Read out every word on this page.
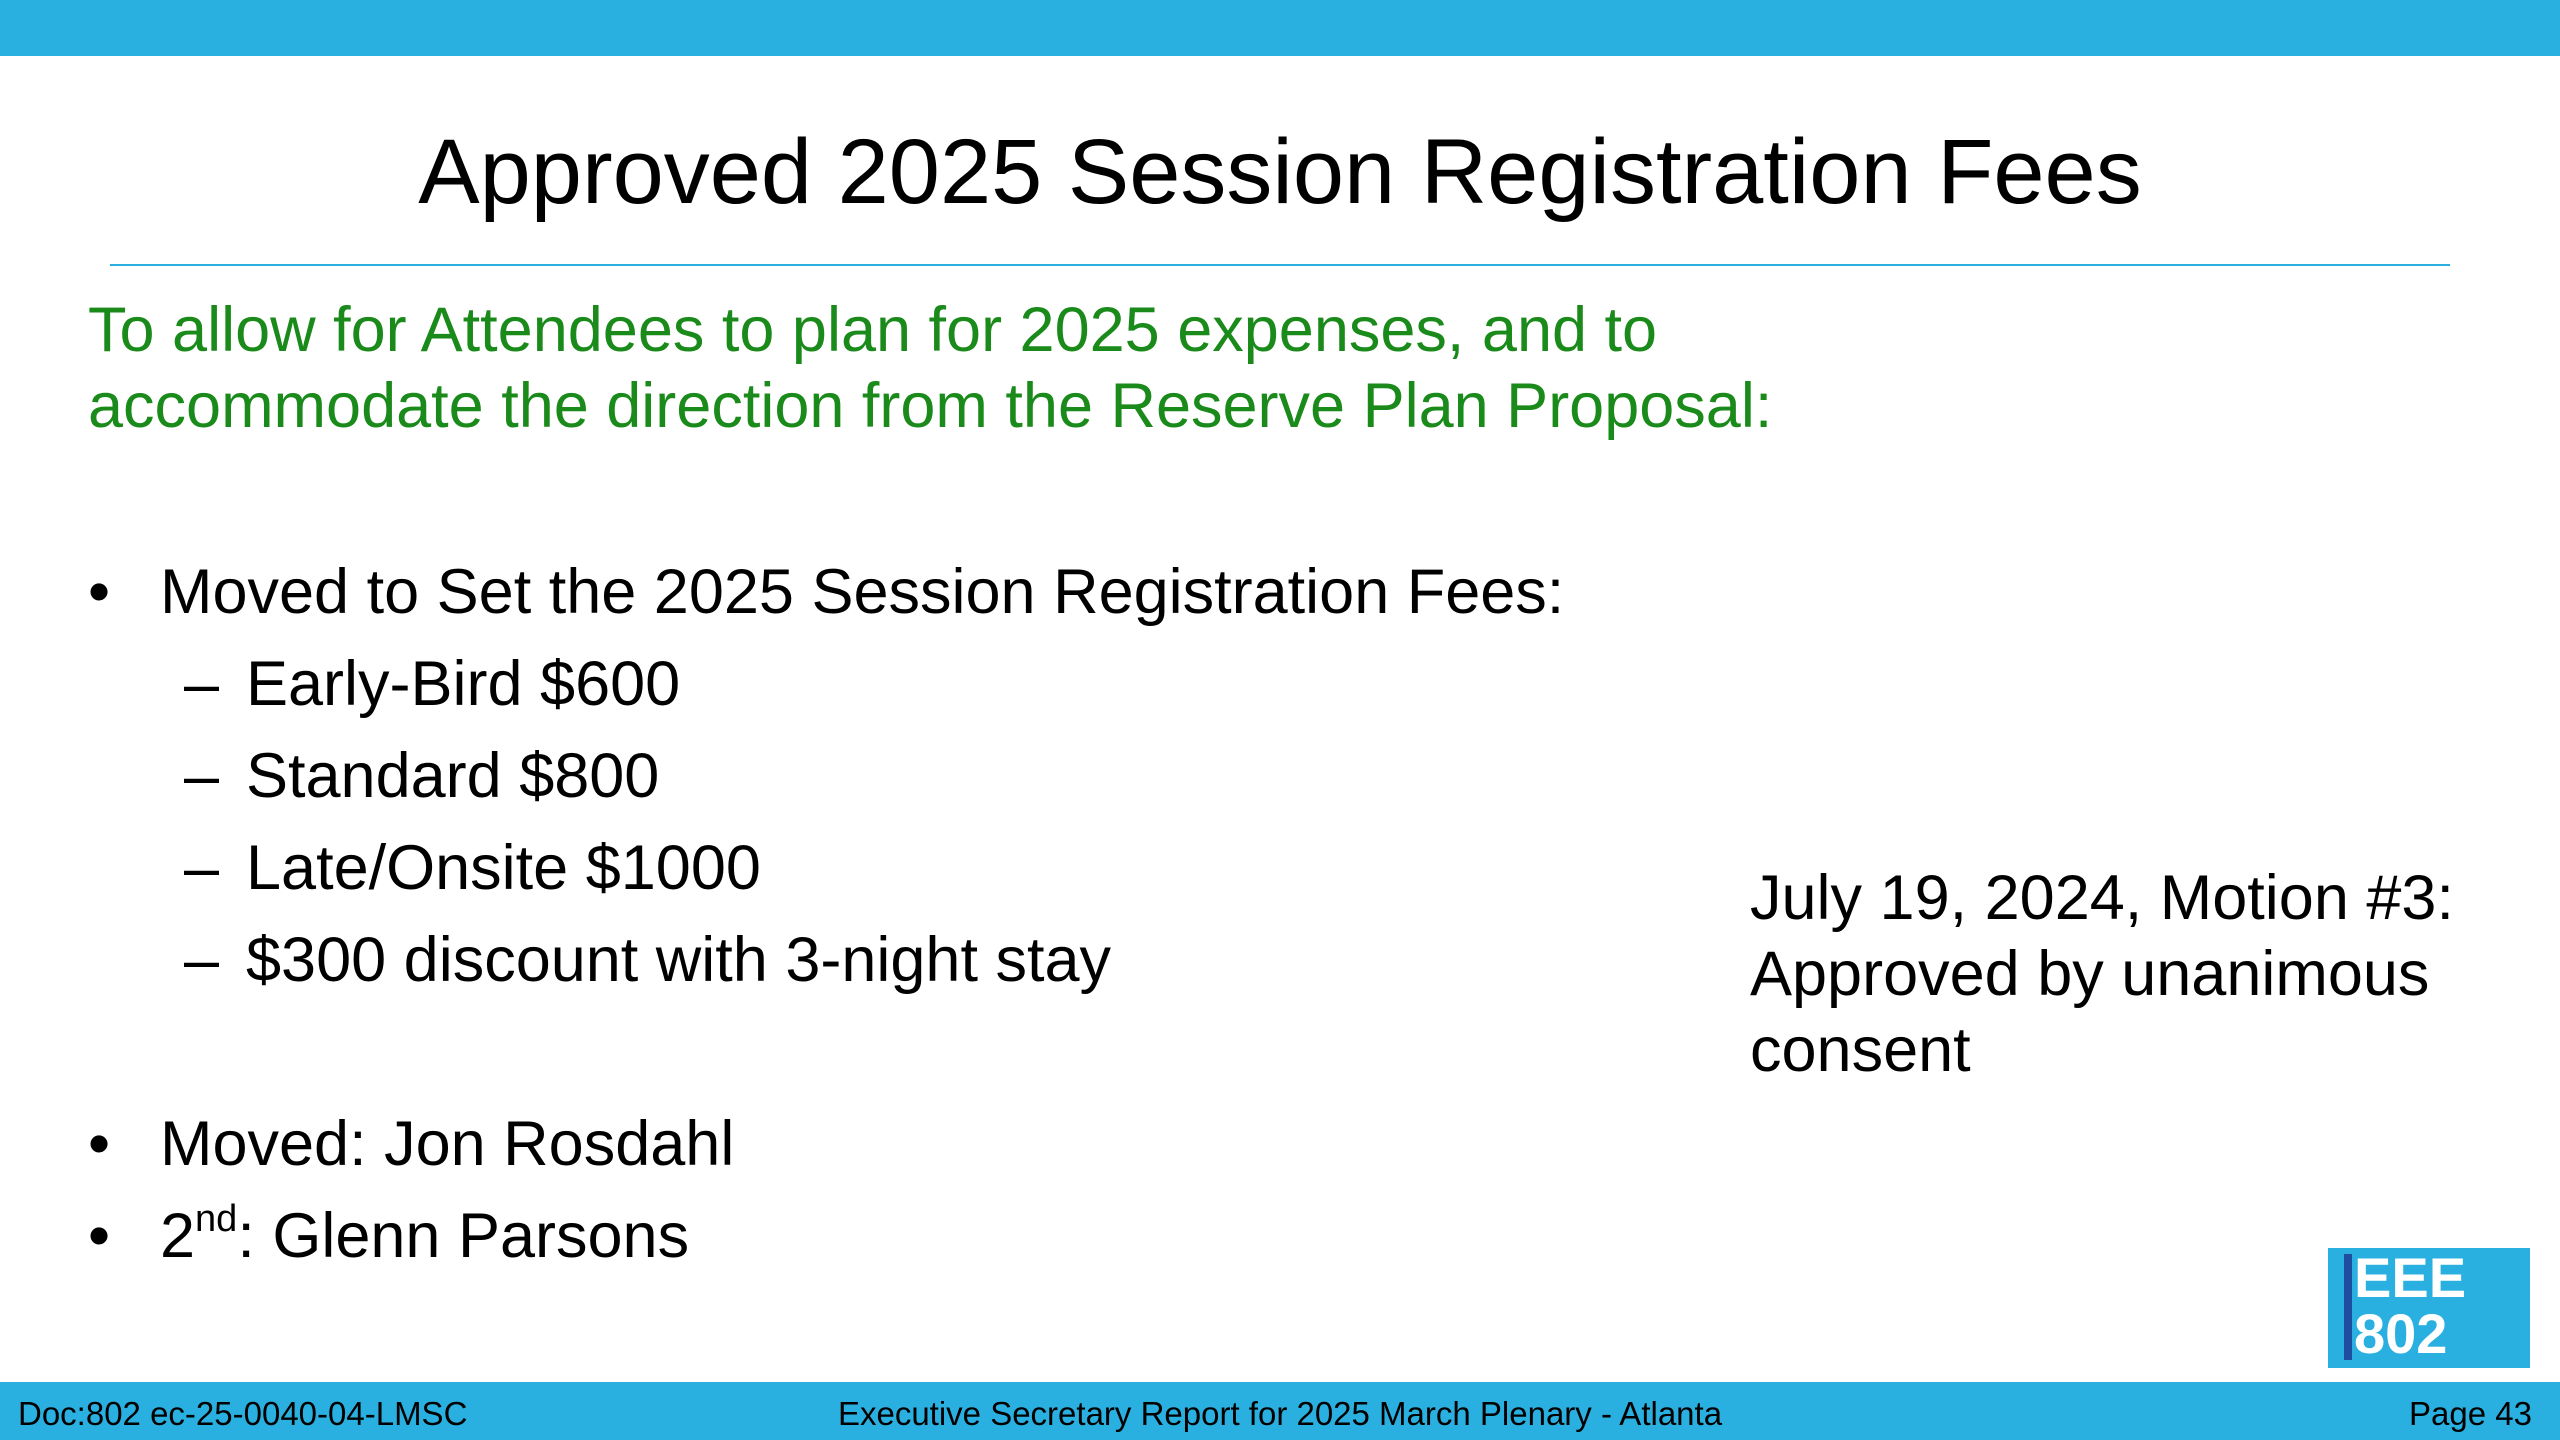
Approved 2025 Session Registration Fees
To allow for Attendees to plan for 2025 expenses, and to
accommodate the direction from the Reserve Plan Proposal:
• Moved to Set the 2025 Session Registration Fees:
– Early-Bird $600
– Standard $800
– Late/Onsite $1000
– $300 discount with 3-night stay
• Moved: Jon Rosdahl
• 2nd: Glenn Parsons
July 19, 2024, Motion #3:
Approved by unanimous
consent
EEE
802
Executive Secretary Report for 2025 March Plenary - Atlanta
Doc:802 ec-25-0040-04-LMSC	Page 43
